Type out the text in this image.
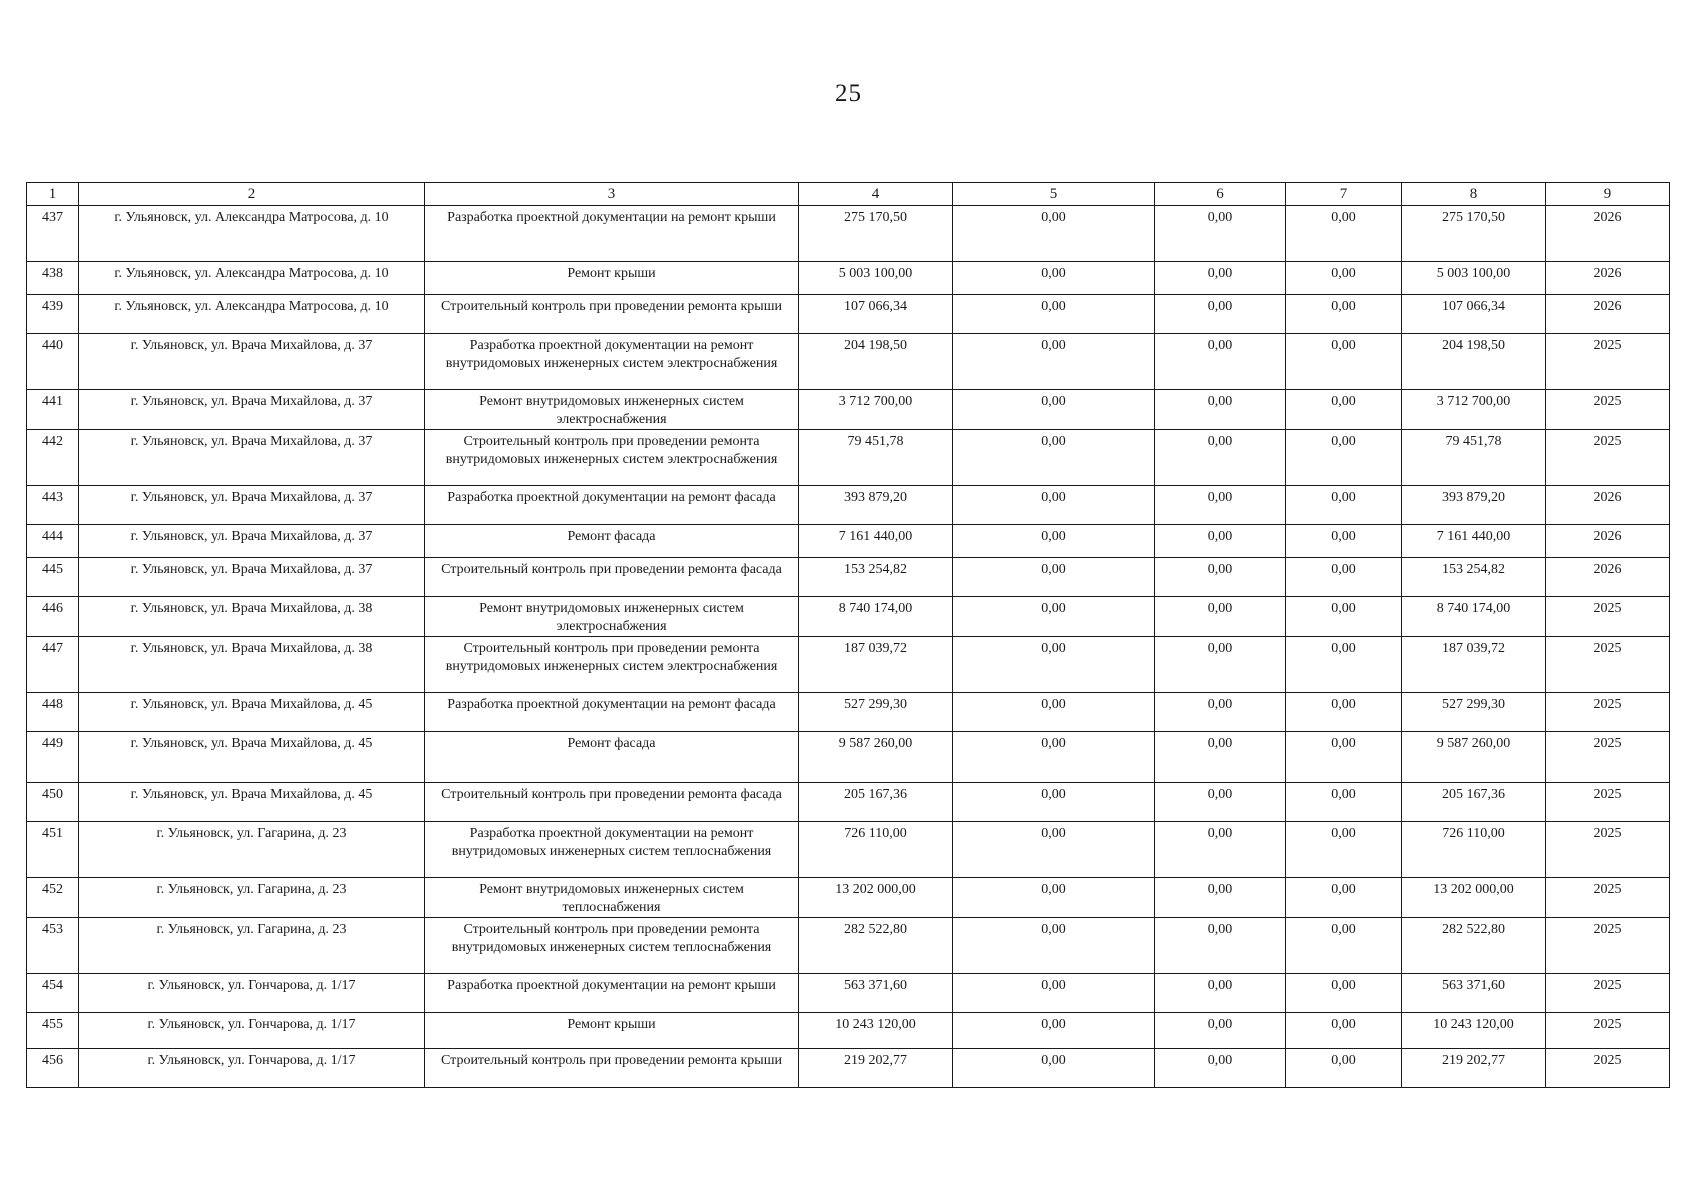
25
1	2	3	4	5	6	7	8	9
437	г. Ульяновск, ул. Александра Матросова, д. 10	Разработка проектной документации на ремонт крыши	275 170,50	0,00	0,00	0,00	275 170,50	2026
438	г. Ульяновск, ул. Александра Матросова, д. 10	Ремонт крыши	5 003 100,00	0,00	0,00	0,00	5 003 100,00	2026
439	г. Ульяновск, ул. Александра Матросова, д. 10	Строительный контроль при проведении ремонта крыши	107 066,34	0,00	0,00	0,00	107 066,34	2026
440	г. Ульяновск, ул. Врача Михайлова, д. 37	Разработка проектной документации на ремонт внутридомовых инженерных систем электроснабжения	204 198,50	0,00	0,00	0,00	204 198,50	2025
441	г. Ульяновск, ул. Врача Михайлова, д. 37	Ремонт внутридомовых инженерных систем электроснабжения	3 712 700,00	0,00	0,00	0,00	3 712 700,00	2025
442	г. Ульяновск, ул. Врача Михайлова, д. 37	Строительный контроль при проведении ремонта внутридомовых инженерных систем электроснабжения	79 451,78	0,00	0,00	0,00	79 451,78	2025
443	г. Ульяновск, ул. Врача Михайлова, д. 37	Разработка проектной документации на ремонт фасада	393 879,20	0,00	0,00	0,00	393 879,20	2026
444	г. Ульяновск, ул. Врача Михайлова, д. 37	Ремонт фасада	7 161 440,00	0,00	0,00	0,00	7 161 440,00	2026
445	г. Ульяновск, ул. Врача Михайлова, д. 37	Строительный контроль при проведении ремонта фасада	153 254,82	0,00	0,00	0,00	153 254,82	2026
446	г. Ульяновск, ул. Врача Михайлова, д. 38	Ремонт внутридомовых инженерных систем электроснабжения	8 740 174,00	0,00	0,00	0,00	8 740 174,00	2025
447	г. Ульяновск, ул. Врача Михайлова, д. 38	Строительный контроль при проведении ремонта внутридомовых инженерных систем электроснабжения	187 039,72	0,00	0,00	0,00	187 039,72	2025
448	г. Ульяновск, ул. Врача Михайлова, д. 45	Разработка проектной документации на ремонт фасада	527 299,30	0,00	0,00	0,00	527 299,30	2025
449	г. Ульяновск, ул. Врача Михайлова, д. 45	Ремонт фасада	9 587 260,00	0,00	0,00	0,00	9 587 260,00	2025
450	г. Ульяновск, ул. Врача Михайлова, д. 45	Строительный контроль при проведении ремонта фасада	205 167,36	0,00	0,00	0,00	205 167,36	2025
451	г. Ульяновск, ул. Гагарина, д. 23	Разработка проектной документации на ремонт внутридомовых инженерных систем теплоснабжения	726 110,00	0,00	0,00	0,00	726 110,00	2025
452	г. Ульяновск, ул. Гагарина, д. 23	Ремонт внутридомовых инженерных систем теплоснабжения	13 202 000,00	0,00	0,00	0,00	13 202 000,00	2025
453	г. Ульяновск, ул. Гагарина, д. 23	Строительный контроль при проведении ремонта внутридомовых инженерных систем теплоснабжения	282 522,80	0,00	0,00	0,00	282 522,80	2025
454	г. Ульяновск, ул. Гончарова, д. 1/17	Разработка проектной документации на ремонт крыши	563 371,60	0,00	0,00	0,00	563 371,60	2025
455	г. Ульяновск, ул. Гончарова, д. 1/17	Ремонт крыши	10 243 120,00	0,00	0,00	0,00	10 243 120,00	2025
456	г. Ульяновск, ул. Гончарова, д. 1/17	Строительный контроль при проведении ремонта крыши	219 202,77	0,00	0,00	0,00	219 202,77	2025
